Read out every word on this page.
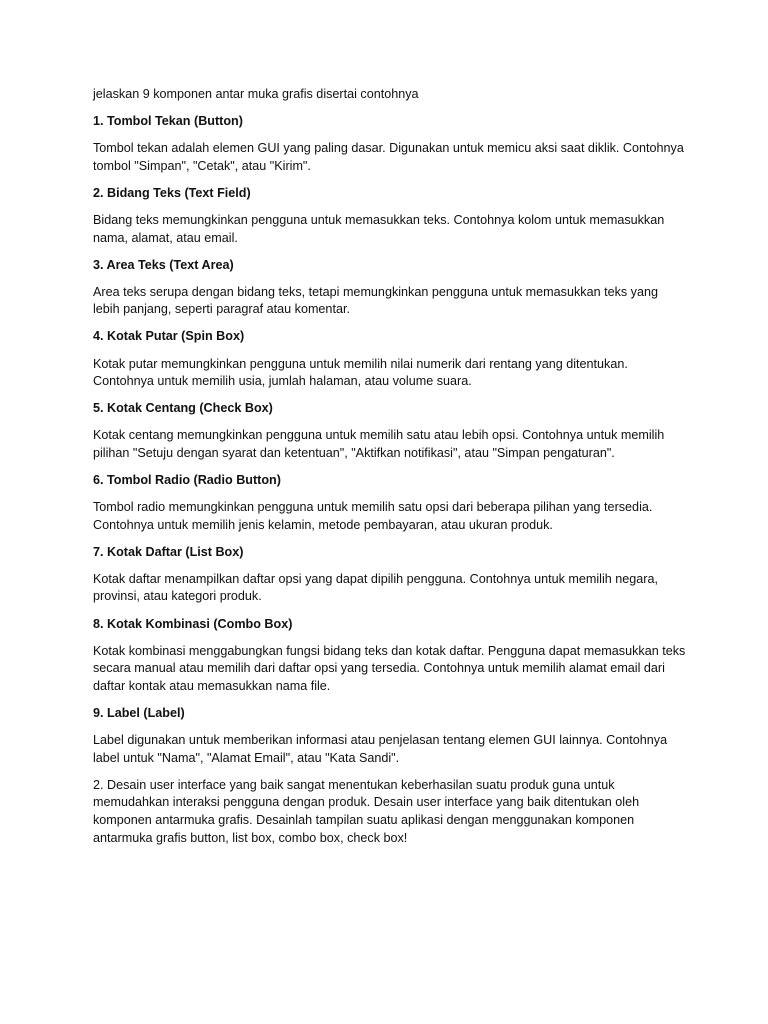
jelaskan 9 komponen antar muka grafis disertai contohnya

1. Tombol Tekan (Button)

Tombol tekan adalah elemen GUI yang paling dasar. Digunakan untuk memicu aksi saat diklik. Contohnya tombol "Simpan", "Cetak", atau "Kirim".

2. Bidang Teks (Text Field)

Bidang teks memungkinkan pengguna untuk memasukkan teks. Contohnya kolom untuk memasukkan nama, alamat, atau email.

3. Area Teks (Text Area)

Area teks serupa dengan bidang teks, tetapi memungkinkan pengguna untuk memasukkan teks yang lebih panjang, seperti paragraf atau komentar.

4. Kotak Putar (Spin Box)

Kotak putar memungkinkan pengguna untuk memilih nilai numerik dari rentang yang ditentukan. Contohnya untuk memilih usia, jumlah halaman, atau volume suara.

5. Kotak Centang (Check Box)

Kotak centang memungkinkan pengguna untuk memilih satu atau lebih opsi. Contohnya untuk memilih pilihan "Setuju dengan syarat dan ketentuan", "Aktifkan notifikasi", atau "Simpan pengaturan".

6. Tombol Radio (Radio Button)

Tombol radio memungkinkan pengguna untuk memilih satu opsi dari beberapa pilihan yang tersedia. Contohnya untuk memilih jenis kelamin, metode pembayaran, atau ukuran produk.

7. Kotak Daftar (List Box)

Kotak daftar menampilkan daftar opsi yang dapat dipilih pengguna. Contohnya untuk memilih negara, provinsi, atau kategori produk.

8. Kotak Kombinasi (Combo Box)

Kotak kombinasi menggabungkan fungsi bidang teks dan kotak daftar. Pengguna dapat memasukkan teks secara manual atau memilih dari daftar opsi yang tersedia. Contohnya untuk memilih alamat email dari daftar kontak atau memasukkan nama file.

9. Label (Label)

Label digunakan untuk memberikan informasi atau penjelasan tentang elemen GUI lainnya. Contohnya label untuk "Nama", "Alamat Email", atau "Kata Sandi".

2. Desain user interface yang baik sangat menentukan keberhasilan suatu produk guna untuk memudahkan interaksi pengguna dengan produk. Desain user interface yang baik ditentukan oleh komponen antarmuka grafis. Desainlah tampilan suatu aplikasi dengan menggunakan komponen antarmuka grafis button, list box, combo box, check box!
